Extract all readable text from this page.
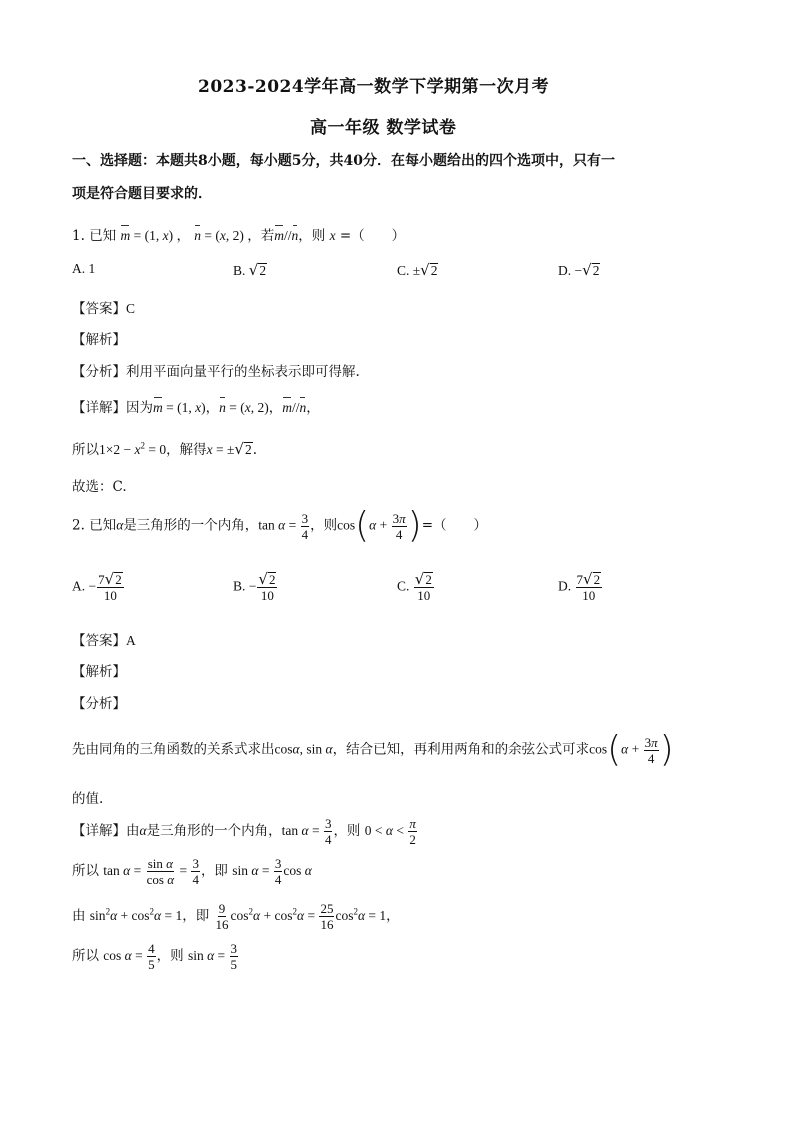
2023-2024学年高一数学下学期第一次月考
高一年级 数学试卷
一、选择题：本题共8小题，每小题5分，共40分．在每小题给出的四个选项中，只有一
项是符合题目要求的．
1. 已知 m = (1, x) ， n = (x, 2) ，若m//n，则 x =（　　）
A. 1	B. √2	C. ±√2	D. −√2
【答案】C
【解析】
【分析】利用平面向量平行的坐标表示即可得解.
【详解】因为m = (1, x)，n = (x, 2)，m//n，
所以$1\times 2 - x^2 = 0$，解得x = ±√2.
故选：C.
2. 已知α是三角形的一个内角，$\tan \alpha = \frac{3}{4}$ ，则$\cos(\alpha + \frac{3\pi}{4}$ )=（　　）
A. − $\frac{7√2}{10}$	B. − $\frac{√2}{10}$	C. $\frac{√2}{10}$	D. $\frac{7√2}{10}$
【答案】A
【解析】
【分析】
先由同角的三角函数的关系式求出cosα, sin α，结合已知，再利用两角和的余弦公式可求$\cos(\alpha + \frac{3\pi}{4}$ )
的值.
【详解】由α是三角形的一个内角，$\tan \alpha = \frac{3}{4}$ ，则 $0 < \alpha < \frac{\pi}{2}$
所以 $\tan \alpha = \frac{\text{sin α}}{\text{cos α}} = \frac{3}{4}$ ，即 $\sin \alpha = \frac{3}{4}$ cos α
由 $\sin^2\alpha + \cos^2\alpha = 1$，即 $\frac{9}{16} \cos^2\alpha + \cos^2\alpha = \frac{25}{16} \cos^2\alpha = 1$，
所以 $\cos \alpha = \frac{4}{5}$ ，则 $\sin \alpha = \frac{3}{5}$
